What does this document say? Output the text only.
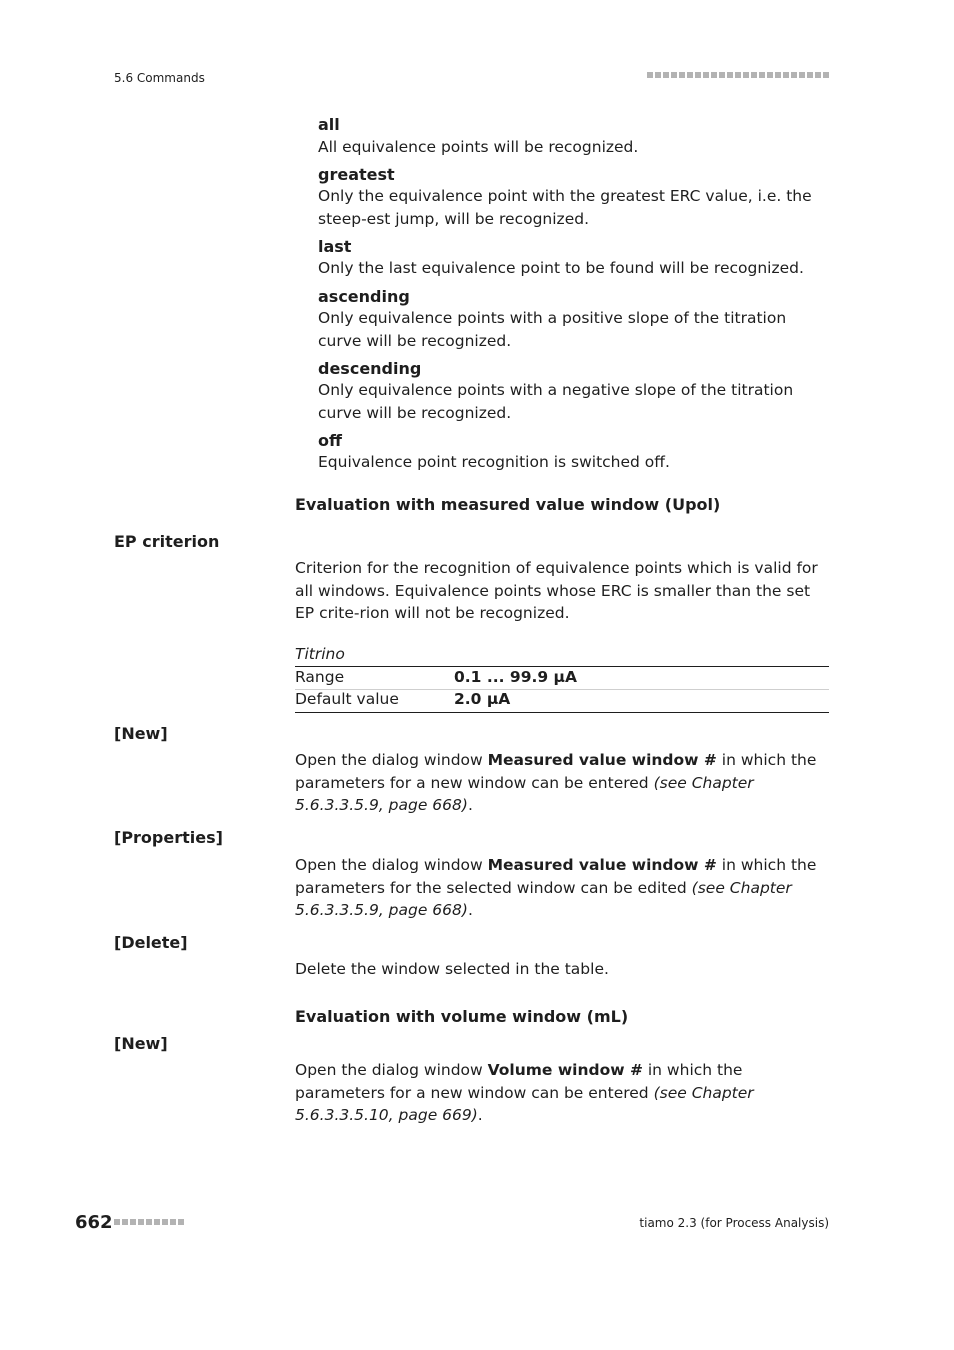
5.6 Commands
all
All equivalence points will be recognized.
greatest
Only the equivalence point with the greatest ERC value, i.e. the steep-est jump, will be recognized.
last
Only the last equivalence point to be found will be recognized.
ascending
Only equivalence points with a positive slope of the titration curve will be recognized.
descending
Only equivalence points with a negative slope of the titration curve will be recognized.
off
Equivalence point recognition is switched off.
Evaluation with measured value window (Upol)
EP criterion
Criterion for the recognition of equivalence points which is valid for all windows. Equivalence points whose ERC is smaller than the set EP crite-rion will not be recognized.
Titrino
Range	0.1 ... 99.9 µA
Default value	2.0 µA
[New]
Open the dialog window Measured value window # in which the parameters for a new window can be entered (see Chapter 5.6.3.3.5.9, page 668).
[Properties]
Open the dialog window Measured value window # in which the parameters for the selected window can be edited (see Chapter 5.6.3.3.5.9, page 668).
[Delete]
Delete the window selected in the table.
Evaluation with volume window (mL)
[New]
Open the dialog window Volume window # in which the parameters for a new window can be entered (see Chapter 5.6.3.3.5.10, page 669).
662	tiamo 2.3 (for Process Analysis)
